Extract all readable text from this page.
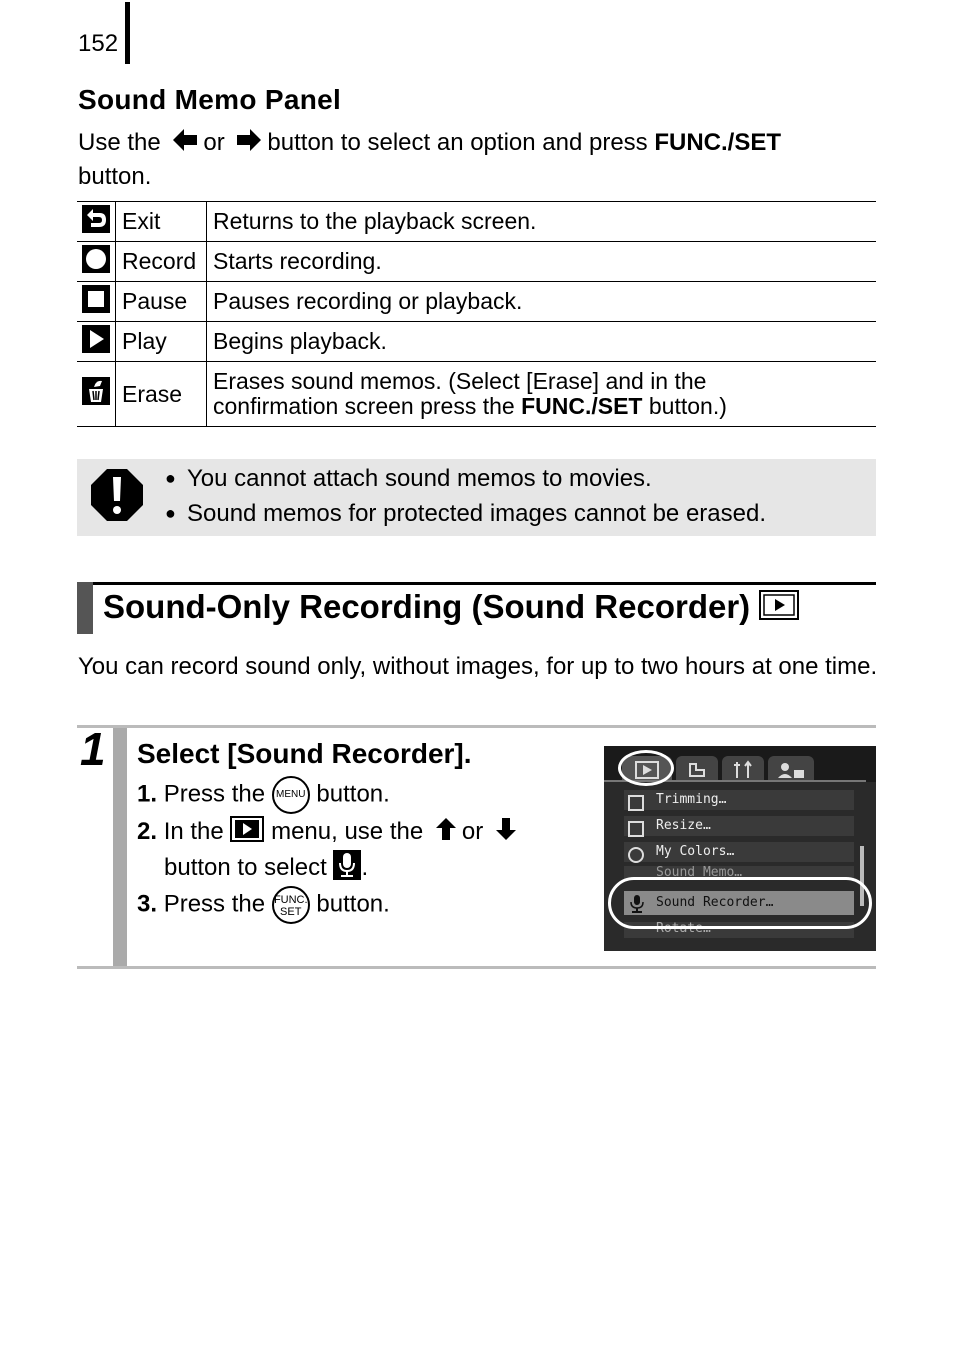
152
Sound Memo Panel
Use the or button to select an option and press FUNC./SET
button.
	Exit	Returns to the playback screen.
	Record	Starts recording.
	Pause	Pauses recording or playback.
	Play	Begins playback.
	Erase	Erases sound memos. (Select [Erase] and in the
confirmation screen press the FUNC./SET button.)
● You cannot attach sound memos to movies.
● Sound memos for protected images cannot be erased.
Sound-Only Recording (Sound Recorder)
You can record sound only, without images, for up to two hours at one time.
1 Select [Sound Recorder].
1. Press the MENU button.
2. In the menu, use the or
button to select .
3. Press the FUNC.
SET button.
Trimming…
Resize…
My Colors…
Sound Memo…
Sound Recorder…
Rotate…
